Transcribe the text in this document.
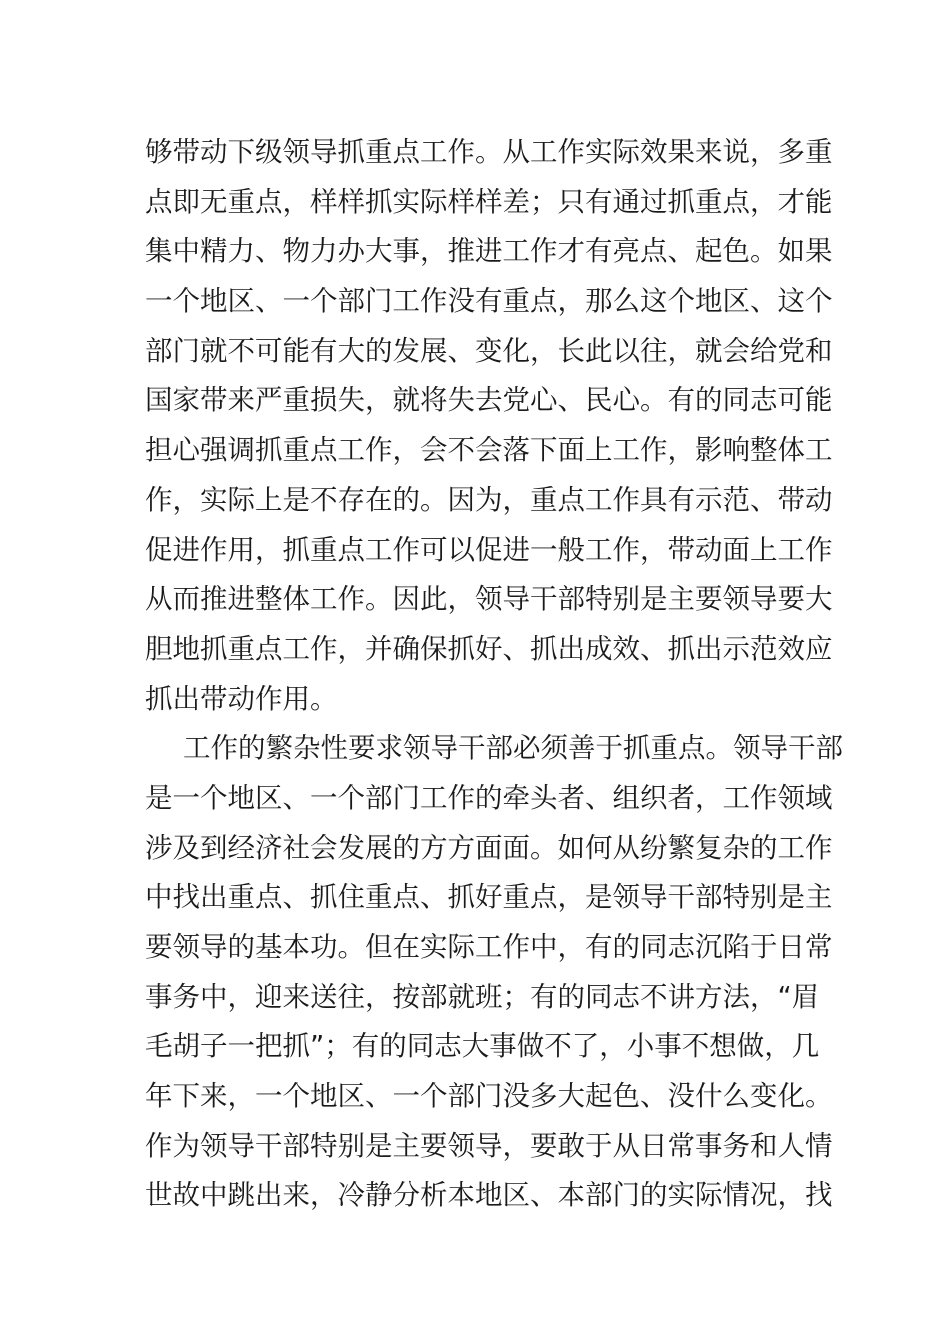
够带动下级领导抓重点工作。从工作实际效果来说，多重
点即无重点，样样抓实际样样差；只有通过抓重点，才能
集中精力、物力办大事，推进工作才有亮点、起色。如果
一个地区、一个部门工作没有重点，那么这个地区、这个
部门就不可能有大的发展、变化，长此以往，就会给党和
国家带来严重损失，就将失去党心、民心。有的同志可能
担心强调抓重点工作，会不会落下面上工作，影响整体工
作，实际上是不存在的。因为，重点工作具有示范、带动
促进作用，抓重点工作可以促进一般工作，带动面上工作
从而推进整体工作。因此，领导干部特别是主要领导要大
胆地抓重点工作，并确保抓好、抓出成效、抓出示范效应
抓出带动作用。
工作的繁杂性要求领导干部必须善于抓重点。领导干部
是一个地区、一个部门工作的牵头者、组织者，工作领域
涉及到经济社会发展的方方面面。如何从纷繁复杂的工作
中找出重点、抓住重点、抓好重点，是领导干部特别是主
要领导的基本功。但在实际工作中，有的同志沉陷于日常
事务中，迎来送往，按部就班；有的同志不讲方法，“眉
毛胡子一把抓”；有的同志大事做不了，小事不想做，几
年下来，一个地区、一个部门没多大起色、没什么变化。
作为领导干部特别是主要领导，要敢于从日常事务和人情
世故中跳出来，冷静分析本地区、本部门的实际情况，找
